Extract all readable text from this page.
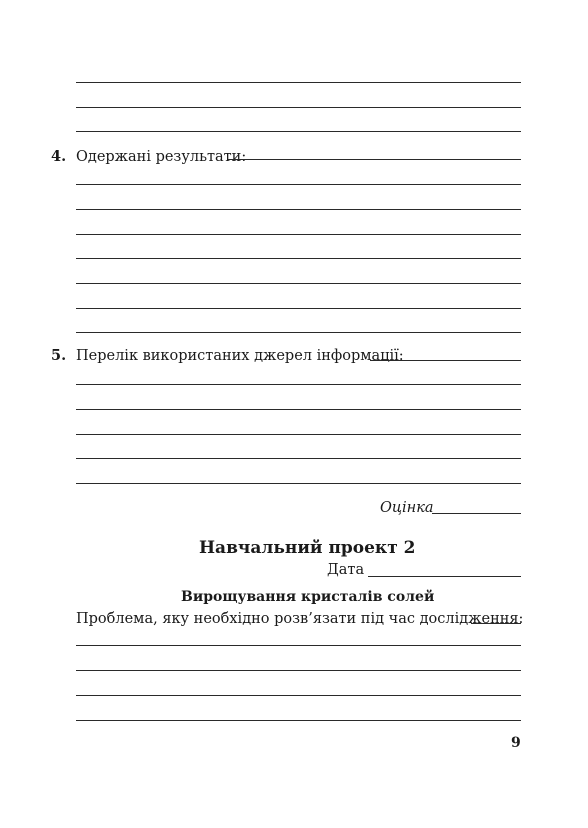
4. Одержані результати:
5. Перелік використаних джерел інформації:
Оцінка
Навчальний проект 2
Дата
Вирощування кристалів солей
Проблема, яку необхідно розв’язати під час дослідження:
9
